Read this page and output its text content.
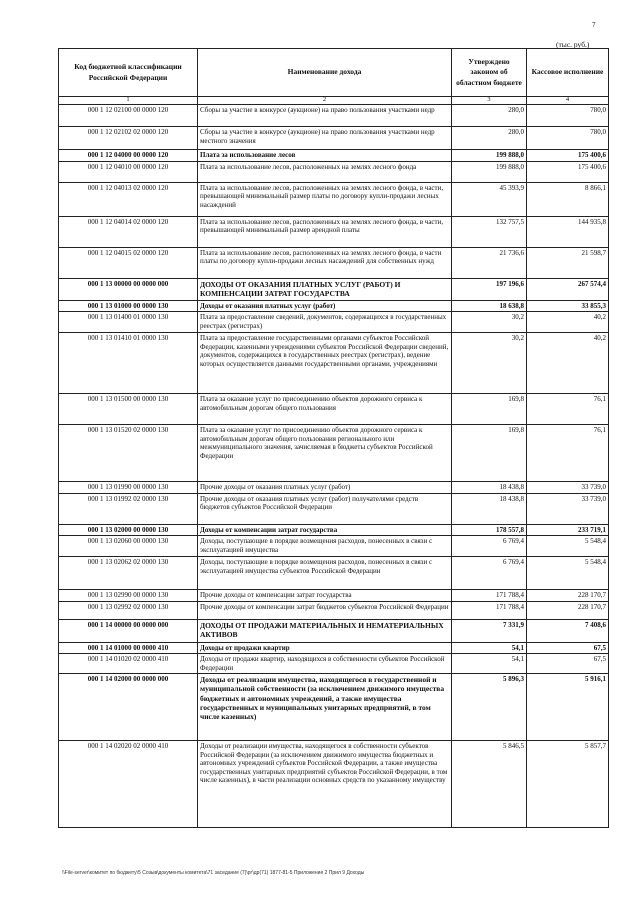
7
(тыс. руб.)
Код бюджетной классификации Российской Федерации	Наименование дохода	Утверждено законом об областном бюджете	Кассовое исполнение
1	2	3	4
000 1 12 02100 00 0000 120	Сборы за участие в конкурсе (аукционе) на право пользования участками недр	280,0	780,0
000 1 12 02102 02 0000 120	Сборы за участие в конкурсе (аукционе) на право пользования участками недр местного значения	280,0	780,0
000 1 12 04000 00 0000 120	Плата за использование лесов	199 888,0	175 400,6
000 1 12 04010 00 0000 120	Плата за использование лесов, расположенных на землях лесного фонда	199 888,0	175 400,6
000 1 12 04013 02 0000 120	Плата за использование лесов, расположенных на землях лесного фонда, в части, превышающей минимальный размер платы по договору купли-продажи лесных насаждений	45 393,9	8 866,1
000 1 12 04014 02 0000 120	Плата за использование лесов, расположенных на землях лесного фонда, в части, превышающей минимальный размер арендной платы	132 757,5	144 935,8
000 1 12 04015 02 0000 120	Плата за использование лесов, расположенных на землях лесного фонда, в части платы по договору купли-продажи лесных насаждений для собственных нужд	21 736,6	21 598,7
000 1 13 00000 00 0000 000	ДОХОДЫ ОТ ОКАЗАНИЯ ПЛАТНЫХ УСЛУГ (РАБОТ) И КОМПЕНСАЦИИ ЗАТРАТ ГОСУДАРСТВА	197 196,6	267 574,4
000 1 13 01000 00 0000 130	Доходы от оказания платных услуг (работ)	18 638,8	33 855,3
000 1 13 01400 01 0000 130	Плата за предоставление сведений, документов, содержащихся в государственных реестрах (регистрах)	30,2	40,2
000 1 13 01410 01 0000 130	Плата за предоставление государственными органами субъектов Российской Федерации, казенными учреждениями субъектов Российской Федерации сведений, документов, содержащихся в государственных реестрах (регистрах), ведение которых осуществляется данными государственными органами, учреждениями	30,2	40,2
000 1 13 01500 00 0000 130	Плата за оказание услуг по присоединению объектов дорожного сервиса к автомобильным дорогам общего пользования	169,8	76,1
000 1 13 01520 02 0000 130	Плата за оказание услуг по присоединению объектов дорожного сервиса к автомобильным дорогам общего пользования регионального или межмуниципального значения, зачисляемая в бюджеты субъектов Российской Федерации	169,8	76,1
000 1 13 01990 00 0000 130	Прочие доходы от оказания платных услуг (работ)	18 438,8	33 739,0
000 1 13 01992 02 0000 130	Прочие доходы от оказания платных услуг (работ) получателями средств бюджетов субъектов Российской Федерации	18 438,8	33 739,0
000 1 13 02000 00 0000 130	Доходы от компенсации затрат государства	178 557,8	233 719,1
000 1 13 02060 00 0000 130	Доходы, поступающие в порядке возмещения расходов, понесенных в связи с эксплуатацией имущества	6 769,4	5 548,4
000 1 13 02062 02 0000 130	Доходы, поступающие в порядке возмещения расходов, понесенных в связи с эксплуатацией имущества субъектов Российской Федерации	6 769,4	5 548,4
000 1 13 02990 00 0000 130	Прочие доходы от компенсации затрат государства	171 788,4	228 170,7
000 1 13 02992 02 0000 130	Прочие доходы от компенсации затрат бюджетов субъектов Российской Федерации	171 788,4	228 170,7
000 1 14 00000 00 0000 000	ДОХОДЫ ОТ ПРОДАЖИ МАТЕРИАЛЬНЫХ И НЕМАТЕРИАЛЬНЫХ АКТИВОВ	7 331,9	7 408,6
000 1 14 01000 00 0000 410	Доходы от продажи квартир	54,1	67,5
000 1 14 01020 02 0000 410	Доходы от продажи квартир, находящихся в собственности субъектов Российской Федерации	54,1	67,5
000 1 14 02000 00 0000 000	Доходы от реализации имущества, находящегося в государственной и муниципальной собственности (за исключением движимого имущества бюджетных и автономных учреждений, а также имущества государственных и муниципальных унитарных предприятий, в том числе казенных)	5 896,3	5 916,1
000 1 14 02020 02 0000 410	Доходы от реализации имущества, находящегося в собственности субъектов Российской Федерации (за исключением движимого имущества бюджетных и автономных учреждений субъектов Российской Федерации, а также имущества государственных унитарных предприятий субъектов Российской Федерации, в том числе казенных), в части реализации основных средств по указанному имуществу	5 846,5	5 857,7
\\File-server\комитет по бюджету\5 Созыв\документы комитета\71 заседание (7)\рг\др(71) 1877-81-5 Приложение 2 Прил 9 Доходы
